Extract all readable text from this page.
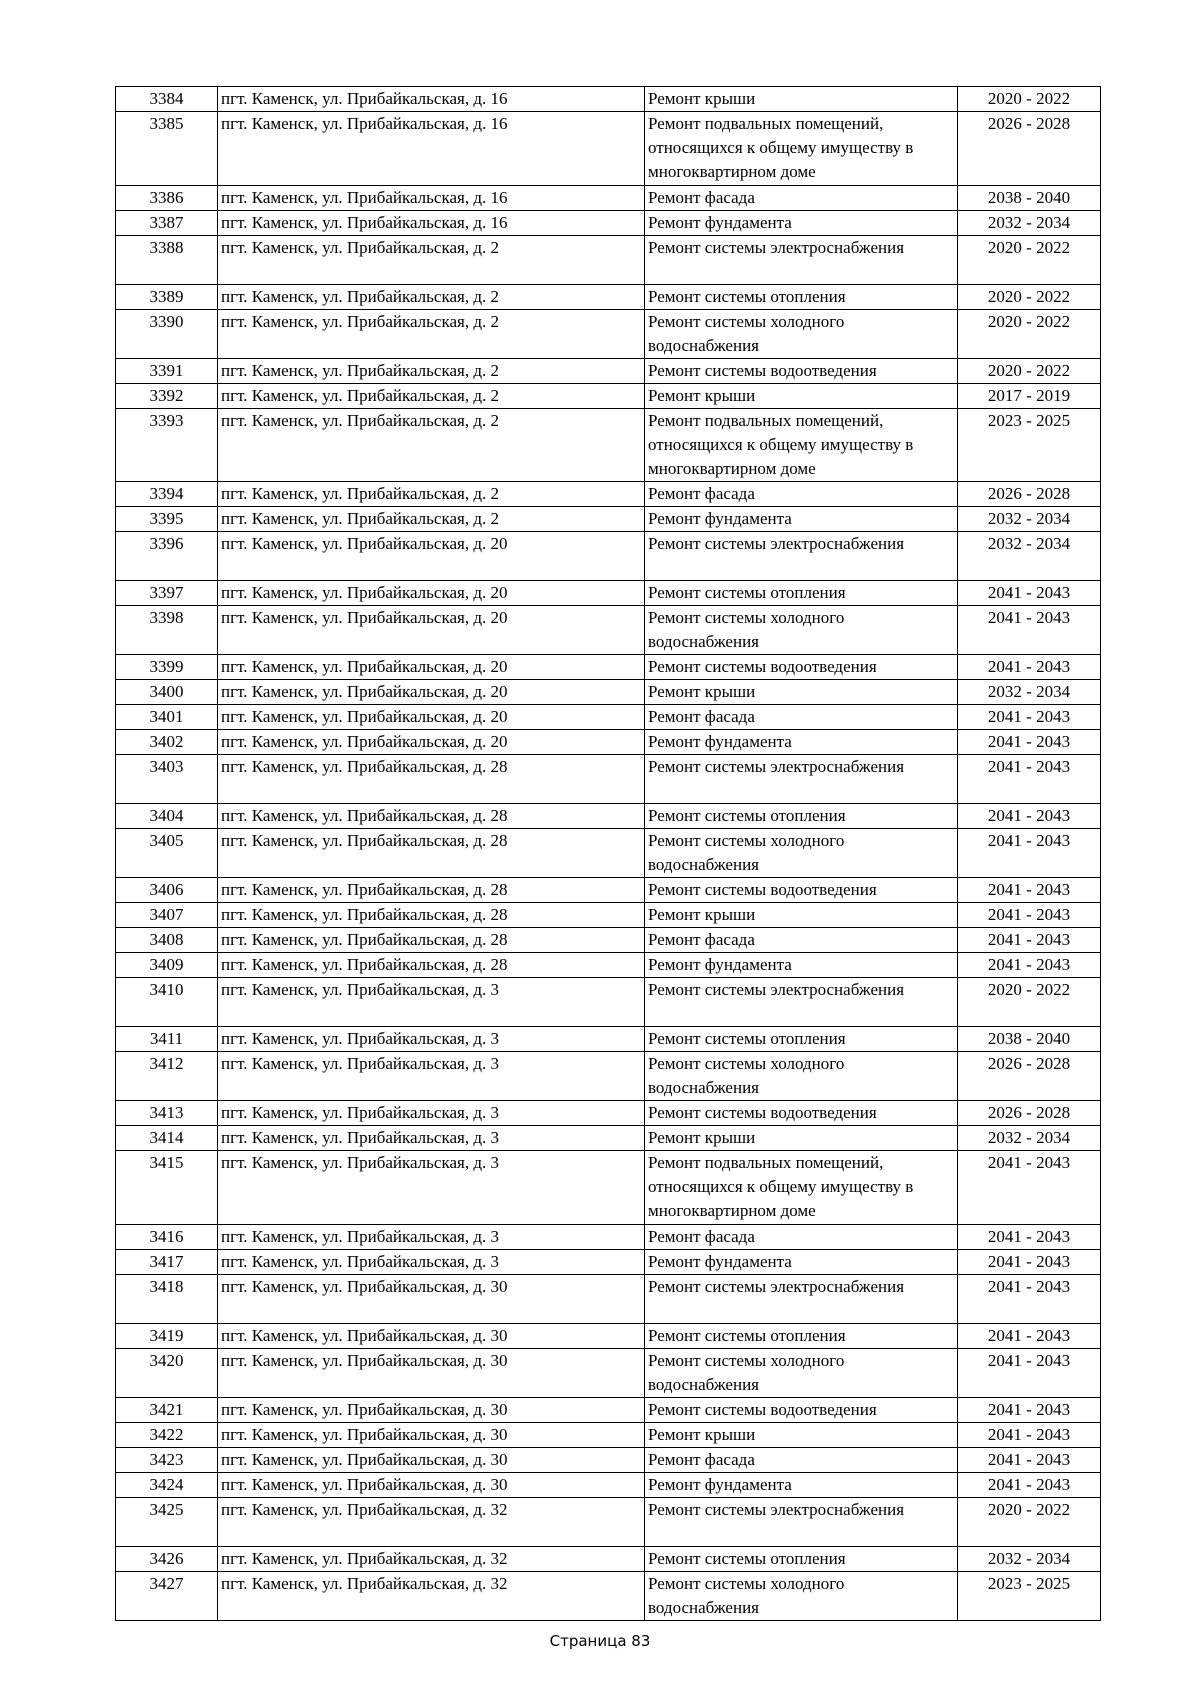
3384	пгт. Каменск, ул. Прибайкальская, д. 16	Ремонт крыши	2020 - 2022
3385	пгт. Каменск, ул. Прибайкальская, д. 16	Ремонт подвальных помещений, относящихся к общему имуществу в многоквартирном доме	2026 - 2028
3386	пгт. Каменск, ул. Прибайкальская, д. 16	Ремонт фасада	2038 - 2040
3387	пгт. Каменск, ул. Прибайкальская, д. 16	Ремонт фундамента	2032 - 2034
3388	пгт. Каменск, ул. Прибайкальская, д. 2	Ремонт системы электроснабжения	2020 - 2022
3389	пгт. Каменск, ул. Прибайкальская, д. 2	Ремонт системы отопления	2020 - 2022
3390	пгт. Каменск, ул. Прибайкальская, д. 2	Ремонт системы холодного водоснабжения	2020 - 2022
3391	пгт. Каменск, ул. Прибайкальская, д. 2	Ремонт системы водоотведения	2020 - 2022
3392	пгт. Каменск, ул. Прибайкальская, д. 2	Ремонт крыши	2017 - 2019
3393	пгт. Каменск, ул. Прибайкальская, д. 2	Ремонт подвальных помещений, относящихся к общему имуществу в многоквартирном доме	2023 - 2025
3394	пгт. Каменск, ул. Прибайкальская, д. 2	Ремонт фасада	2026 - 2028
3395	пгт. Каменск, ул. Прибайкальская, д. 2	Ремонт фундамента	2032 - 2034
3396	пгт. Каменск, ул. Прибайкальская, д. 20	Ремонт системы электроснабжения	2032 - 2034
3397	пгт. Каменск, ул. Прибайкальская, д. 20	Ремонт системы отопления	2041 - 2043
3398	пгт. Каменск, ул. Прибайкальская, д. 20	Ремонт системы холодного водоснабжения	2041 - 2043
3399	пгт. Каменск, ул. Прибайкальская, д. 20	Ремонт системы водоотведения	2041 - 2043
3400	пгт. Каменск, ул. Прибайкальская, д. 20	Ремонт крыши	2032 - 2034
3401	пгт. Каменск, ул. Прибайкальская, д. 20	Ремонт фасада	2041 - 2043
3402	пгт. Каменск, ул. Прибайкальская, д. 20	Ремонт фундамента	2041 - 2043
3403	пгт. Каменск, ул. Прибайкальская, д. 28	Ремонт системы электроснабжения	2041 - 2043
3404	пгт. Каменск, ул. Прибайкальская, д. 28	Ремонт системы отопления	2041 - 2043
3405	пгт. Каменск, ул. Прибайкальская, д. 28	Ремонт системы холодного водоснабжения	2041 - 2043
3406	пгт. Каменск, ул. Прибайкальская, д. 28	Ремонт системы водоотведения	2041 - 2043
3407	пгт. Каменск, ул. Прибайкальская, д. 28	Ремонт крыши	2041 - 2043
3408	пгт. Каменск, ул. Прибайкальская, д. 28	Ремонт фасада	2041 - 2043
3409	пгт. Каменск, ул. Прибайкальская, д. 28	Ремонт фундамента	2041 - 2043
3410	пгт. Каменск, ул. Прибайкальская, д. 3	Ремонт системы электроснабжения	2020 - 2022
3411	пгт. Каменск, ул. Прибайкальская, д. 3	Ремонт системы отопления	2038 - 2040
3412	пгт. Каменск, ул. Прибайкальская, д. 3	Ремонт системы холодного водоснабжения	2026 - 2028
3413	пгт. Каменск, ул. Прибайкальская, д. 3	Ремонт системы водоотведения	2026 - 2028
3414	пгт. Каменск, ул. Прибайкальская, д. 3	Ремонт крыши	2032 - 2034
3415	пгт. Каменск, ул. Прибайкальская, д. 3	Ремонт подвальных помещений, относящихся к общему имуществу в многоквартирном доме	2041 - 2043
3416	пгт. Каменск, ул. Прибайкальская, д. 3	Ремонт фасада	2041 - 2043
3417	пгт. Каменск, ул. Прибайкальская, д. 3	Ремонт фундамента	2041 - 2043
3418	пгт. Каменск, ул. Прибайкальская, д. 30	Ремонт системы электроснабжения	2041 - 2043
3419	пгт. Каменск, ул. Прибайкальская, д. 30	Ремонт системы отопления	2041 - 2043
3420	пгт. Каменск, ул. Прибайкальская, д. 30	Ремонт системы холодного водоснабжения	2041 - 2043
3421	пгт. Каменск, ул. Прибайкальская, д. 30	Ремонт системы водоотведения	2041 - 2043
3422	пгт. Каменск, ул. Прибайкальская, д. 30	Ремонт крыши	2041 - 2043
3423	пгт. Каменск, ул. Прибайкальская, д. 30	Ремонт фасада	2041 - 2043
3424	пгт. Каменск, ул. Прибайкальская, д. 30	Ремонт фундамента	2041 - 2043
3425	пгт. Каменск, ул. Прибайкальская, д. 32	Ремонт системы электроснабжения	2020 - 2022
3426	пгт. Каменск, ул. Прибайкальская, д. 32	Ремонт системы отопления	2032 - 2034
3427	пгт. Каменск, ул. Прибайкальская, д. 32	Ремонт системы холодного водоснабжения	2023 - 2025
Страница 83
